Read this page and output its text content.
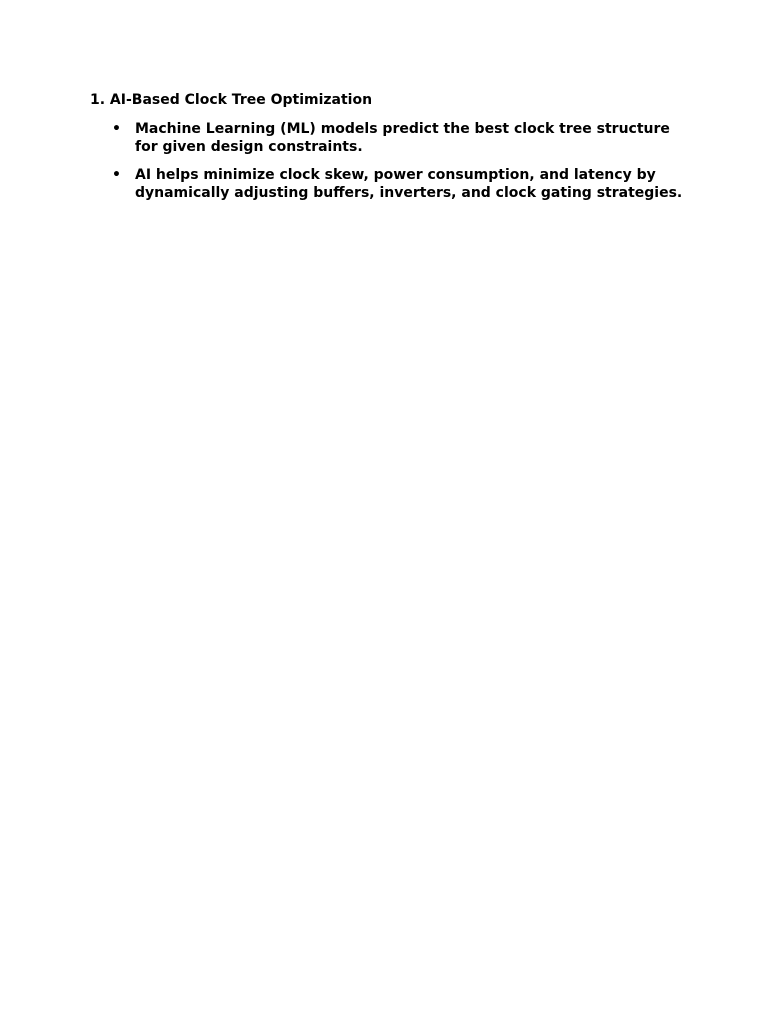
1. AI-Based Clock Tree Optimization

• Machine Learning (ML) models predict the best clock tree structure
for given design constraints.
• AI helps minimize clock skew, power consumption, and latency by
dynamically adjusting buffers, inverters, and clock gating strategies.
